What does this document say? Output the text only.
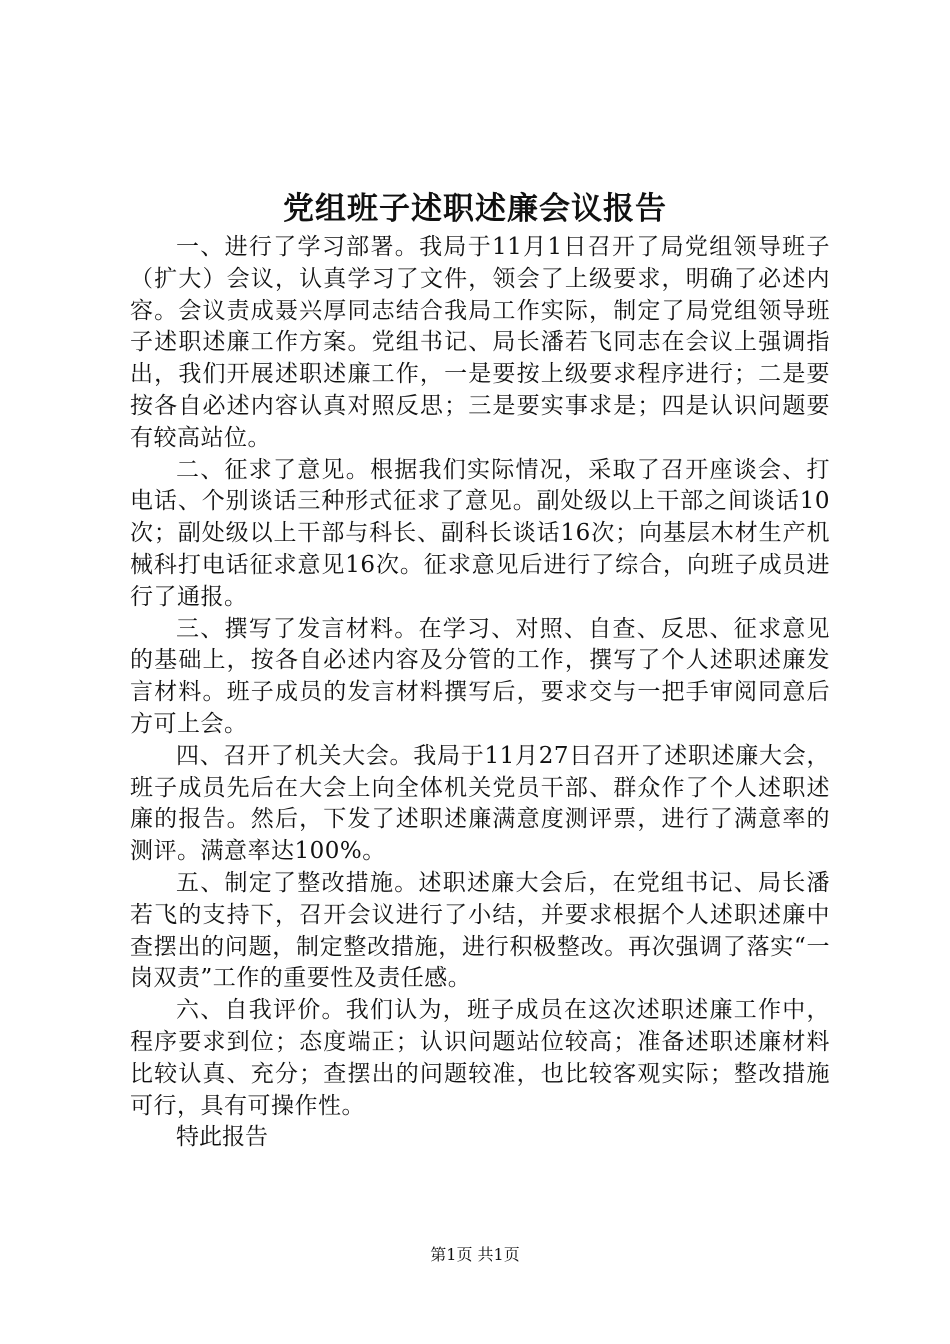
党组班子述职述廉会议报告

一、进行了学习部署。我局于11月1日召开了局党组领导班子（扩大）会议，认真学习了文件，领会了上级要求，明确了必述内容。会议责成聂兴厚同志结合我局工作实际，制定了局党组领导班子述职述廉工作方案。党组书记、局长潘若飞同志在会议上强调指出，我们开展述职述廉工作，一是要按上级要求程序进行；二是要按各自必述内容认真对照反思；三是要实事求是；四是认识问题要有较高站位。

二、征求了意见。根据我们实际情况，采取了召开座谈会、打电话、个别谈话三种形式征求了意见。副处级以上干部之间谈话10次；副处级以上干部与科长、副科长谈话16次；向基层木材生产机械科打电话征求意见16次。征求意见后进行了综合，向班子成员进行了通报。

三、撰写了发言材料。在学习、对照、自查、反思、征求意见的基础上，按各自必述内容及分管的工作，撰写了个人述职述廉发言材料。班子成员的发言材料撰写后，要求交与一把手审阅同意后方可上会。

四、召开了机关大会。我局于11月27日召开了述职述廉大会，班子成员先后在大会上向全体机关党员干部、群众作了个人述职述廉的报告。然后，下发了述职述廉满意度测评票，进行了满意率的测评。满意率达100%。

五、制定了整改措施。述职述廉大会后，在党组书记、局长潘若飞的支持下，召开会议进行了小结，并要求根据个人述职述廉中查摆出的问题，制定整改措施，进行积极整改。再次强调了落实“一岗双责”工作的重要性及责任感。

六、自我评价。我们认为，班子成员在这次述职述廉工作中，程序要求到位；态度端正；认识问题站位较高；准备述职述廉材料比较认真、充分；查摆出的问题较准，也比较客观实际；整改措施可行，具有可操作性。

特此报告

第1页 共1页
